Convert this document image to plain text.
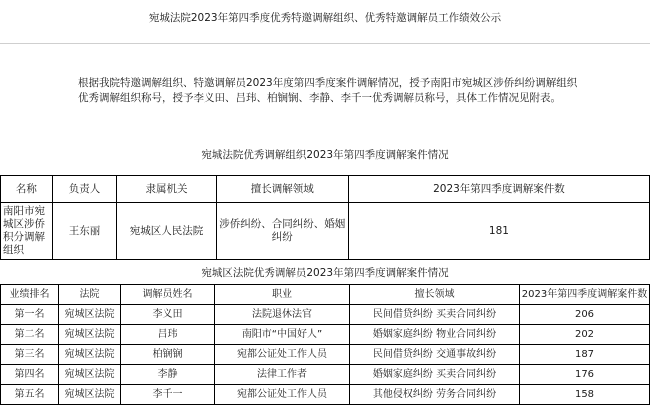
宛城法院2023年第四季度优秀特邀调解组织、优秀特邀调解员工作绩效公示
根据我院特邀调解组织、特邀调解员2023年度第四季度案件调解情况，授予南阳市宛城区涉侨纠纷调解组织
优秀调解组织称号，授予李义田、吕玮、柏锎锎、李静、李千一优秀调解员称号，具体工作情况见附表。
宛城法院优秀调解组织2023年第四季度调解案件情况
名称	负责人	隶属机关	擅长调解领域	2023年第四季度调解案件数
南阳市宛城区涉侨积分调解组织	王东丽	宛城区人民法院	涉侨纠纷、合同纠纷、婚姻纠纷	181
宛城区法院优秀调解员2023年第四季度调解案件情况
业绩排名	法院	调解员姓名	职业	擅长领域	2023年第四季度调解案件数
第一名	宛城区法院	李义田	法院退休法官	民间借贷纠纷 买卖合同纠纷	206
第二名	宛城区法院	吕玮	南阳市“中国好人”	婚姻家庭纠纷 物业合同纠纷	202
第三名	宛城区法院	柏锎锎	宛都公证处工作人员	民间借贷纠纷 交通事故纠纷	187
第四名	宛城区法院	李静	法律工作者	婚姻家庭纠纷 买卖合同纠纷	176
第五名	宛城区法院	李千一	宛都公证处工作人员	其他侵权纠纷 劳务合同纠纷	158
